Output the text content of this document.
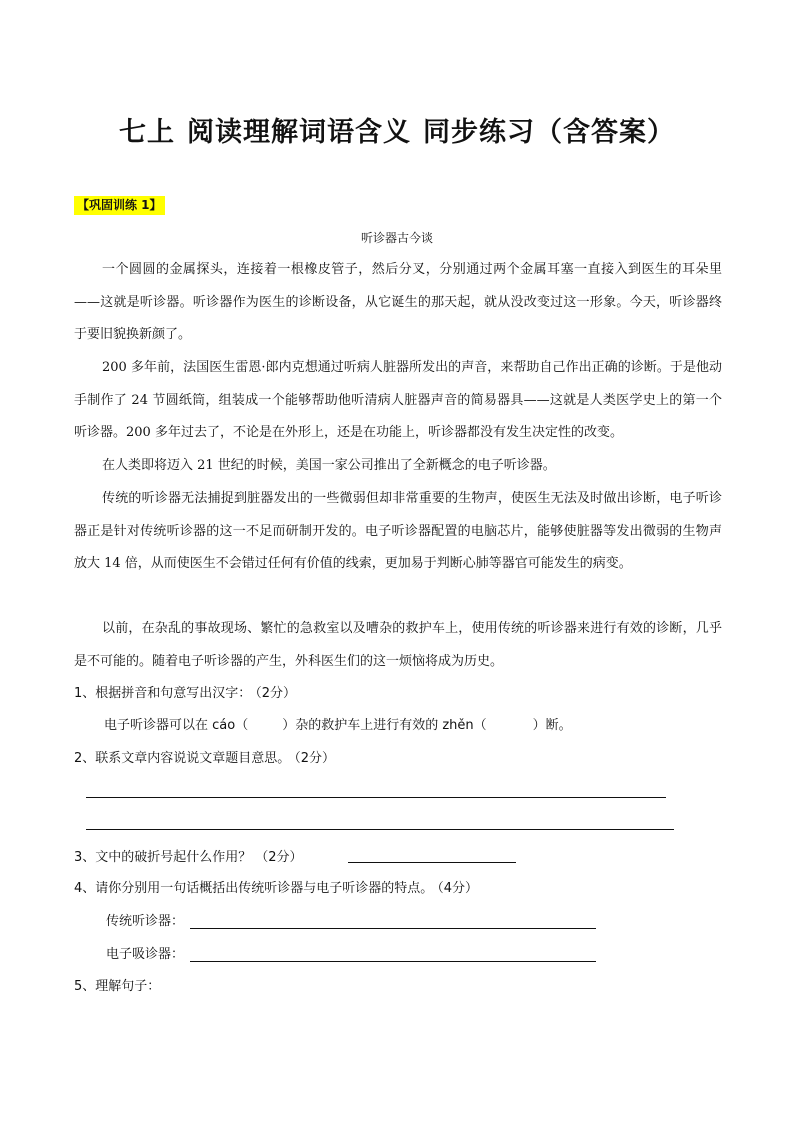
七上 阅读理解词语含义 同步练习（含答案）
【巩固训练 1】
听诊器古今谈

一个圆圆的金属探头，连接着一根橡皮管子，然后分叉，分别通过两个金属耳塞一直接入到医生的耳朵里——这就是听诊器。听诊器作为医生的诊断设备，从它诞生的那天起，就从没改变过这一形象。今天，听诊器终于要旧貌换新颜了。

200 多年前，法国医生雷恩·郎内克想通过听病人脏器所发出的声音，来帮助自己作出正确的诊断。于是他动手制作了 24 节圆纸筒，组装成一个能够帮助他听清病人脏器声音的简易器具——这就是人类医学史上的第一个听诊器。200 多年过去了，不论是在外形上，还是在功能上，听诊器都没有发生决定性的改变。

在人类即将迈入 21 世纪的时候，美国一家公司推出了全新概念的电子听诊器。

传统的听诊器无法捕捉到脏器发出的一些微弱但却非常重要的生物声，使医生无法及时做出诊断，电子听诊器正是针对传统听诊器的这一不足而研制开发的。电子听诊器配置的电脑芯片，能够使脏器等发出微弱的生物声放大 14 倍，从而使医生不会错过任何有价值的线索，更加易于判断心肺等器官可能发生的病变。

以前，在杂乱的事故现场、繁忙的急救室以及嘈杂的救护车上，使用传统的听诊器来进行有效的诊断，几乎是不可能的。随着电子听诊器的产生，外科医生们的这一烦恼将成为历史。

1、根据拼音和句意写出汉字： （2分）
电子听诊器可以在 cáo（	）杂的救护车上进行有效的 zhěn（	）断。
2、联系文章内容说说文章题目意思。 （2分）
3、文中的破折号起什么作用？ （2分）
4、请你分别用一句话概括出传统听诊器与电子听诊器的特点。 （4分）
传统听诊器：
电子吸诊器：
5、理解句子：
